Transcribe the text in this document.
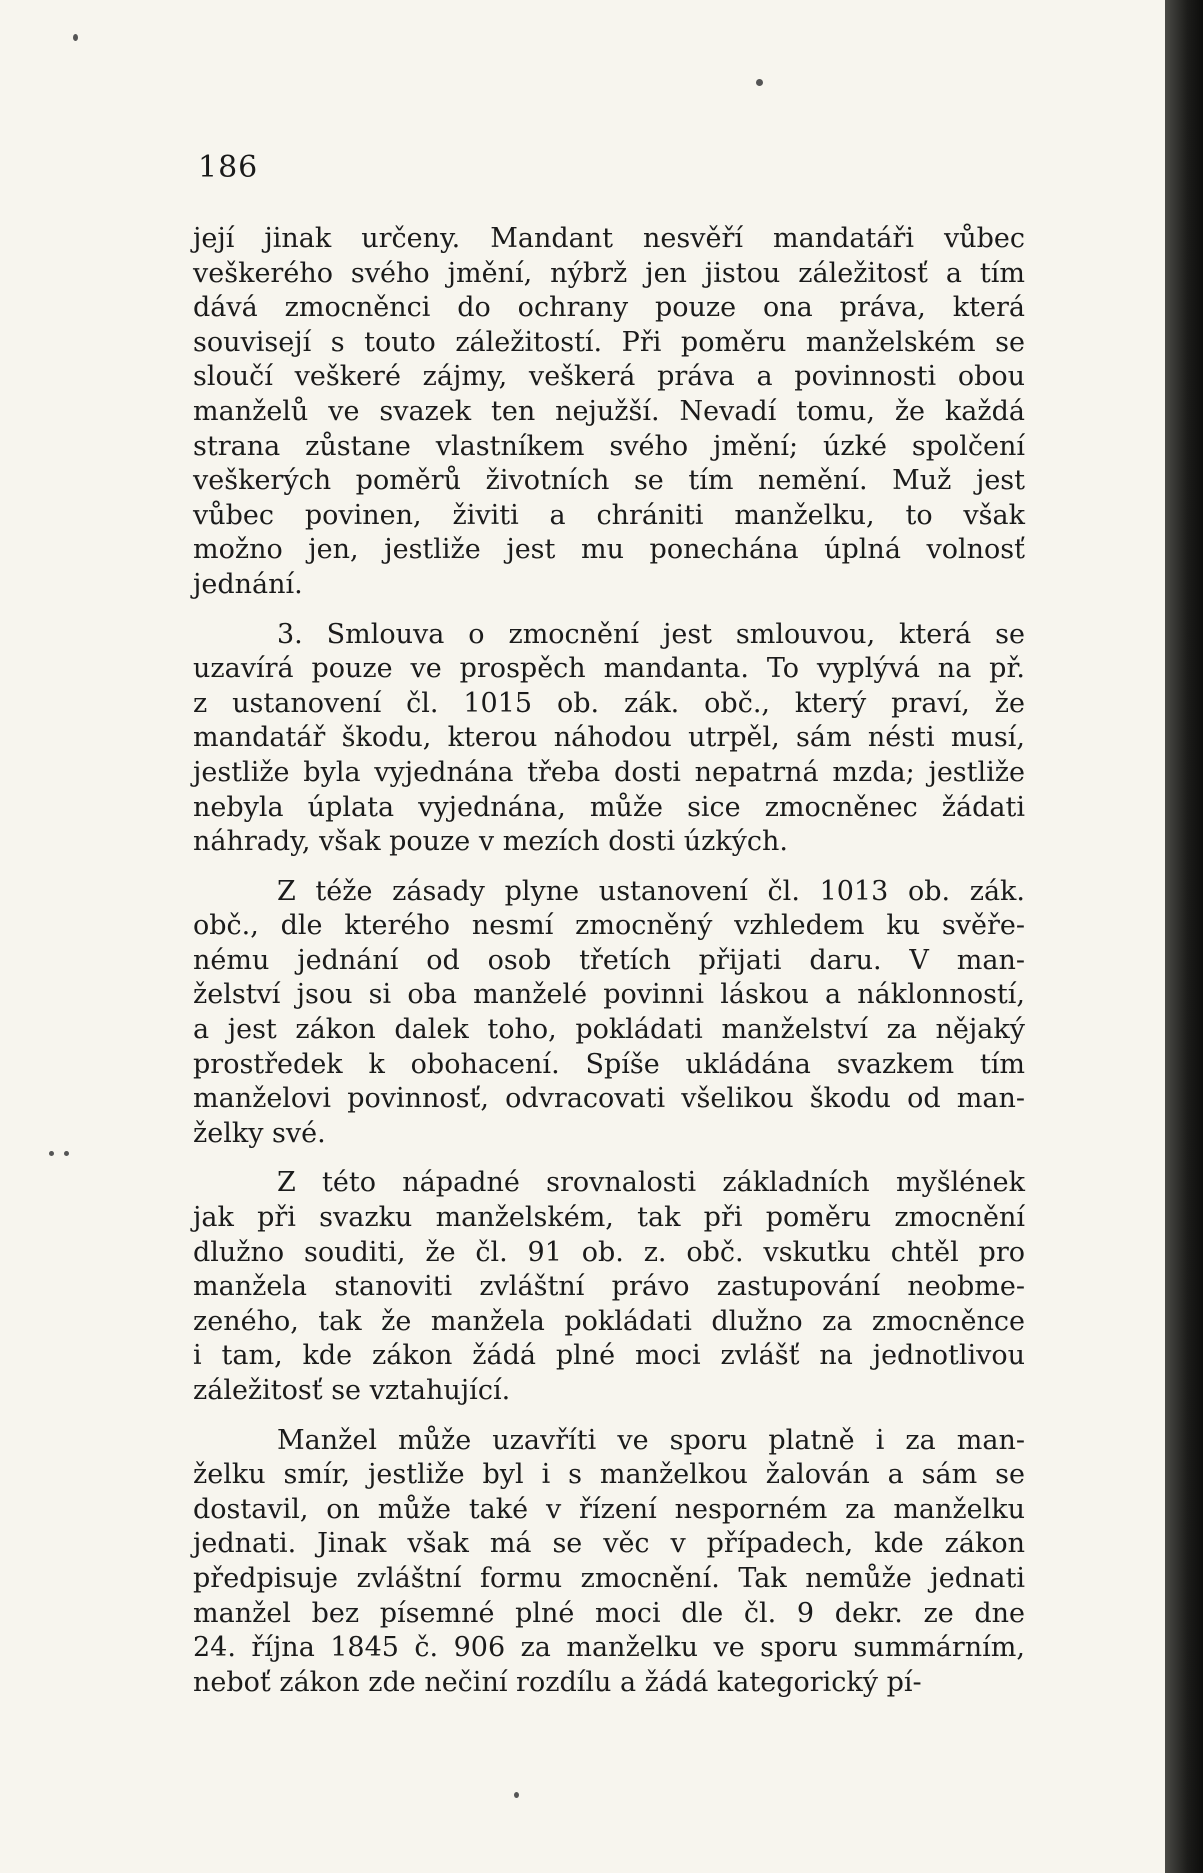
186
její jinak určeny. Mandant nesvěří mandatáři vůbec
veškerého svého jmění, nýbrž jen jistou záležitosť a tím
dává zmocněnci do ochrany pouze ona práva, která
souvisejí s touto záležitostí. Při poměru manželském se
sloučí veškeré zájmy, veškerá práva a povinnosti obou
manželů ve svazek ten nejužší. Nevadí tomu, že každá
strana zůstane vlastníkem svého jmění; úzké spolčení
veškerých poměrů životních se tím nemění. Muž jest
vůbec povinen, živiti a chrániti manželku, to však
možno jen, jestliže jest mu ponechána úplná volnosť
jednání.
3. Smlouva o zmocnění jest smlouvou, která se
uzavírá pouze ve prospěch mandanta. To vyplývá na př.
z ustanovení čl. 1015 ob. zák. obč., který praví, že
mandatář škodu, kterou náhodou utrpěl, sám nésti musí,
jestliže byla vyjednána třeba dosti nepatrná mzda; jestliže
nebyla úplata vyjednána, může sice zmocněnec žádati
náhrady, však pouze v mezích dosti úzkých.
Z téže zásady plyne ustanovení čl. 1013 ob. zák.
obč., dle kterého nesmí zmocněný vzhledem ku svěře-
nému jednání od osob třetích přijati daru. V man-
želství jsou si oba manželé povinni láskou a náklonností,
a jest zákon dalek toho, pokládati manželství za nějaký
prostředek k obohacení. Spíše ukládána svazkem tím
manželovi povinnosť, odvracovati všelikou škodu od man-
želky své.
Z této nápadné srovnalosti základních myšlének
jak při svazku manželském, tak při poměru zmocnění
dlužno souditi, že čl. 91 ob. z. obč. vskutku chtěl pro
manžela stanoviti zvláštní právo zastupování neobme-
zeného, tak že manžela pokládati dlužno za zmocněnce
i tam, kde zákon žádá plné moci zvlášť na jednotlivou
záležitosť se vztahující.
Manžel může uzavříti ve sporu platně i za man-
želku smír, jestliže byl i s manželkou žalován a sám se
dostavil, on může také v řízení nesporném za manželku
jednati. Jinak však má se věc v případech, kde zákon
předpisuje zvláštní formu zmocnění. Tak nemůže jednati
manžel bez písemné plné moci dle čl. 9 dekr. ze dne
24. října 1845 č. 906 za manželku ve sporu summárním,
neboť zákon zde nečiní rozdílu a žádá kategorický pí-
